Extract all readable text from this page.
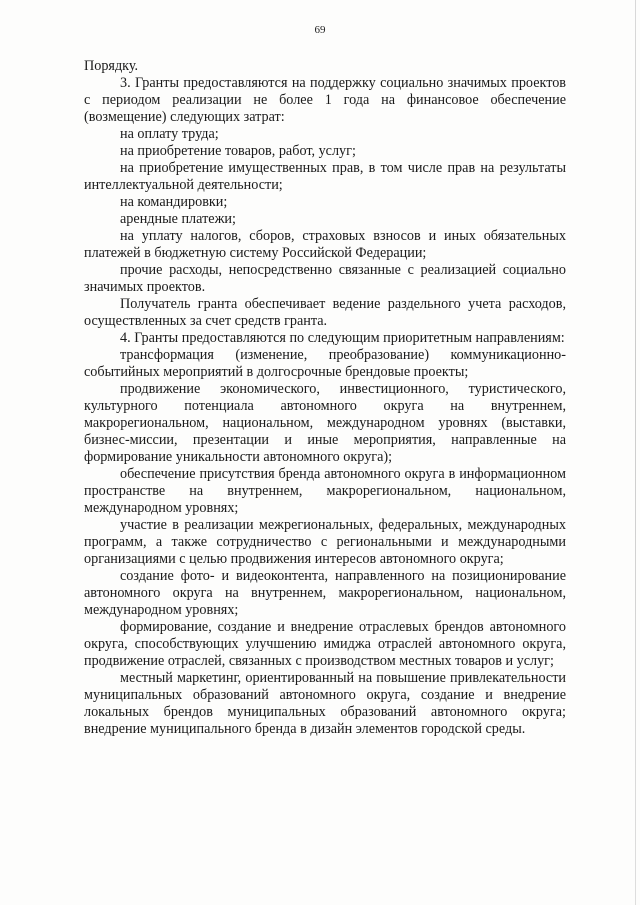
69

Порядку.

3. Гранты предоставляются на поддержку социально значимых проектов с периодом реализации не более 1 года на финансовое обеспечение (возмещение) следующих затрат:

на оплату труда;

на приобретение товаров, работ, услуг;

на приобретение имущественных прав, в том числе прав на результаты интеллектуальной деятельности;

на командировки;

арендные платежи;

на уплату налогов, сборов, страховых взносов и иных обязательных платежей в бюджетную систему Российской Федерации;

прочие расходы, непосредственно связанные с реализацией социально значимых проектов.

Получатель гранта обеспечивает ведение раздельного учета расходов, осуществленных за счет средств гранта.

4. Гранты предоставляются по следующим приоритетным направлениям:

трансформация (изменение, преобразование) коммуникационно-событийных мероприятий в долгосрочные брендовые проекты;

продвижение экономического, инвестиционного, туристического, культурного потенциала автономного округа на внутреннем, макрорегиональном, национальном, международном уровнях (выставки, бизнес-миссии, презентации и иные мероприятия, направленные на формирование уникальности автономного округа);

обеспечение присутствия бренда автономного округа в информационном пространстве на внутреннем, макрорегиональном, национальном, международном уровнях;

участие в реализации межрегиональных, федеральных, международных программ, а также сотрудничество с региональными и международными организациями с целью продвижения интересов автономного округа;

создание фото- и видеоконтента, направленного на позиционирование автономного округа на внутреннем, макрорегиональном, национальном, международном уровнях;

формирование, создание и внедрение отраслевых брендов автономного округа, способствующих улучшению имиджа отраслей автономного округа, продвижение отраслей, связанных с производством местных товаров и услуг;

местный маркетинг, ориентированный на повышение привлекательности муниципальных образований автономного округа, создание и внедрение локальных брендов муниципальных образований автономного округа; внедрение муниципального бренда в дизайн элементов городской среды.
